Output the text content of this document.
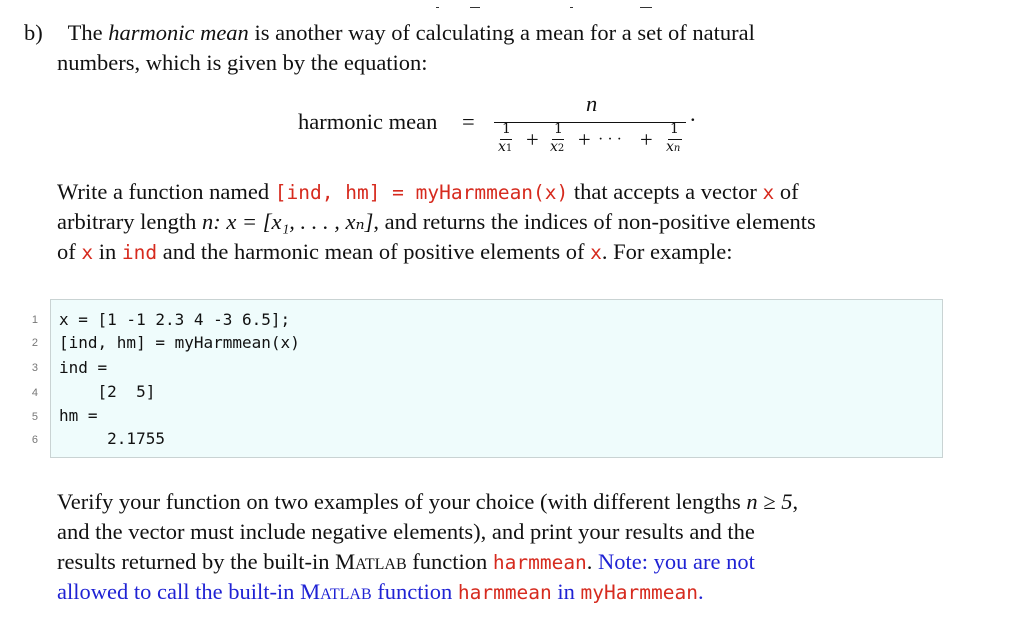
b) The harmonic mean is another way of calculating a mean for a set of natural
numbers, which is given by the equation:
harmonic mean =
n
1
x1 + 1
x2 + · · · + 1
xn
.
Write a function named [ind, hm] = myHarmmean(x) that accepts a vector x of
arbitrary length n: x = [x₁, . . . , xₙ], and returns the indices of non-positive elements
of x in ind and the harmonic mean of positive elements of x. For example:
1
2
3
4
5
6
x = [1 -1 2.3 4 -3 6.5];
[ind, hm] = myHarmmean(x)
ind =
[2  5]
hm =
2.1755
Verify your function on two examples of your choice (with different lengths n ≥ 5,
and the vector must include negative elements), and print your results and the
results returned by the built-in Matlab function harmmean. Note: you are not
allowed to call the built-in Matlab function harmmean in myHarmmean.
